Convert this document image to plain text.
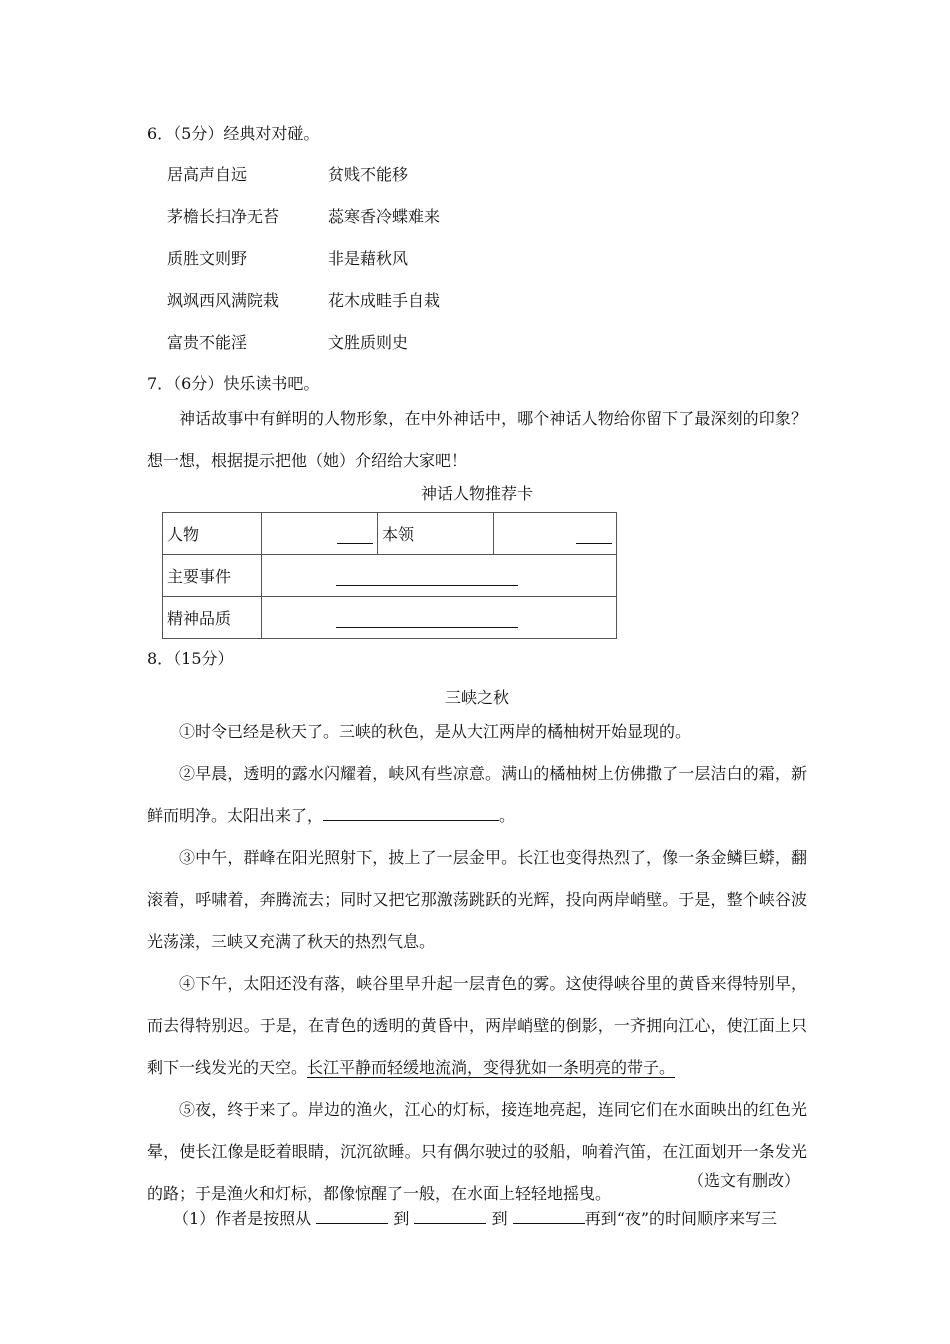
6．（5分）经典对对碰。
居高声自远	贫贱不能移
茅檐长扫净无苔	蕊寒香冷蝶难来
质胜文则野	非是藉秋风
飒飒西风满院栽	花木成畦手自栽
富贵不能淫	文胜质则史
7．（6分）快乐读书吧。
神话故事中有鲜明的人物形象，在中外神话中，哪个神话人物给你留下了最深刻的印象？想一想，根据提示把他（她）介绍给大家吧！
神话人物推荐卡
人物		本领	
主要事件			
精神品质			
8．（15分）
三峡之秋
①时令已经是秋天了。三峡的秋色，是从大江两岸的橘柚树开始显现的。
②早晨，透明的露水闪耀着，峡风有些凉意。满山的橘柚树上仿佛撒了一层洁白的霜，新鲜而明净。太阳出来了，	。
③中午，群峰在阳光照射下，披上了一层金甲。长江也变得热烈了，像一条金鳞巨蟒，翻滚着，呼啸着，奔腾流去；同时又把它那激荡跳跃的光辉，投向两岸峭壁。于是，整个峡谷波光荡漾，三峡又充满了秋天的热烈气息。
④下午，太阳还没有落，峡谷里早升起一层青色的雾。这使得峡谷里的黄昏来得特别早，而去得特别迟。于是，在青色的透明的黄昏中，两岸峭壁的倒影，一齐拥向江心，使江面上只剩下一线发光的天空。长江平静而轻缓地流淌，变得犹如一条明亮的带子。
⑤夜，终于来了。岸边的渔火，江心的灯标，接连地亮起，连同它们在水面映出的红色光晕，使长江像是眨着眼睛，沉沉欲睡。只有偶尔驶过的驳船，响着汽笛，在江面划开一条发光的路；于是渔火和灯标，都像惊醒了一般，在水面上轻轻地摇曳。
（选文有删改）
（1）作者是按照从	到	到	再到“夜”的时间顺序来写三
